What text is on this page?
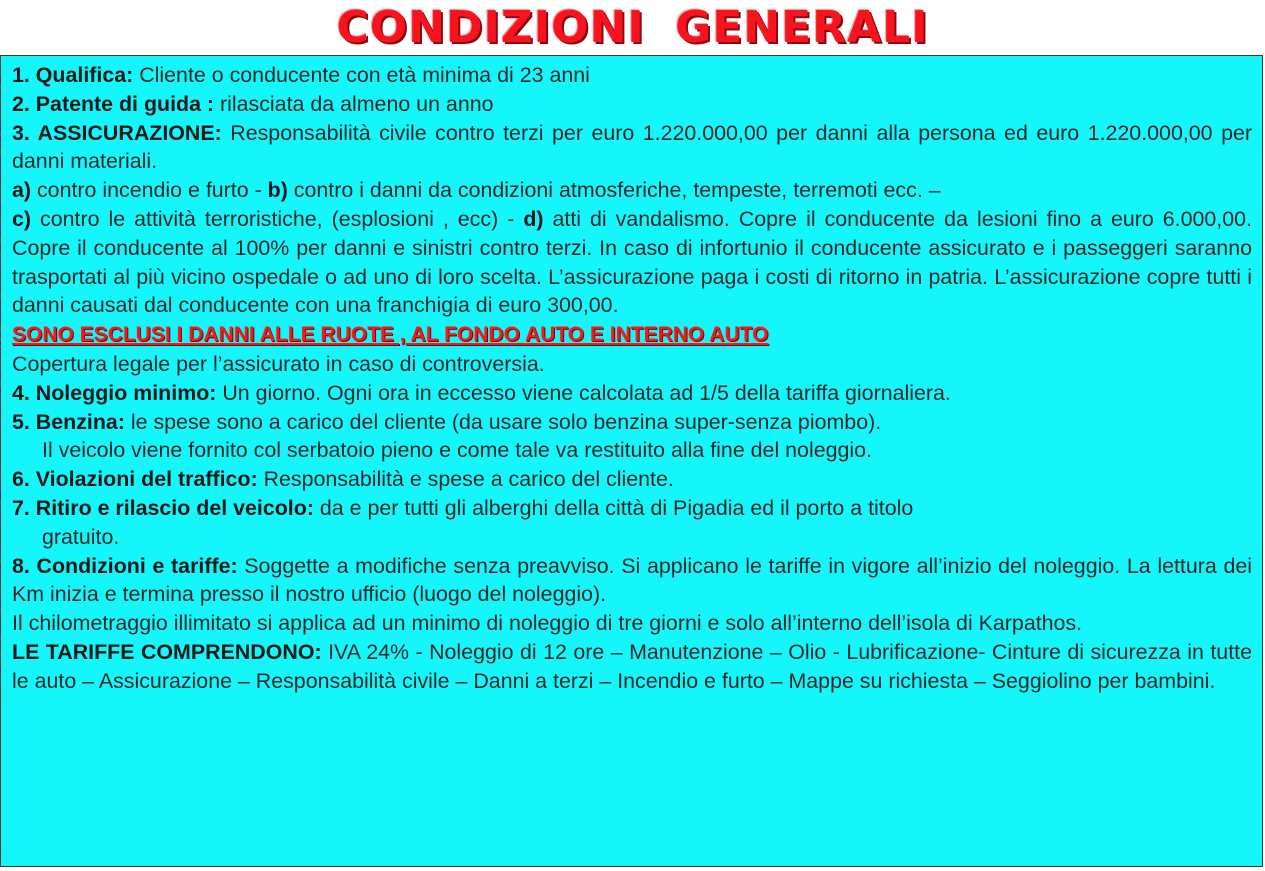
CONDIZIONI GENERALI

1. Qualifica: Cliente o conducente con età minima di 23 anni

2. Patente di guida : rilasciata da almeno un anno

3. ASSICURAZIONE: Responsabilità civile contro terzi per euro 1.220.000,00 per danni alla persona ed euro 1.220.000,00 per danni materiali.

a) contro incendio e furto - b) contro i danni da condizioni atmosferiche, tempeste, terremoti ecc. –

c) contro le attività terroristiche, (esplosioni , ecc) - d) atti di vandalismo. Copre il conducente da lesioni fino a euro 6.000,00. Copre il conducente al 100% per danni e sinistri contro terzi. In caso di infortunio il conducente assicurato e i passeggeri saranno trasportati al più vicino ospedale o ad uno di loro scelta. L’assicurazione paga i costi di ritorno in patria. L’assicurazione copre tutti i danni causati dal conducente con una franchigia di euro 300,00.

SONO ESCLUSI I DANNI ALLE RUOTE , AL FONDO AUTO E INTERNO AUTO

Copertura legale per l’assicurato in caso di controversia.

4. Noleggio minimo: Un giorno. Ogni ora in eccesso viene calcolata ad 1/5 della tariffa giornaliera.

5. Benzina: le spese sono a carico del cliente (da usare solo benzina super-senza piombo).

Il veicolo viene fornito col serbatoio pieno e come tale va restituito alla fine del noleggio.

6. Violazioni del traffico: Responsabilità e spese a carico del cliente.

7. Ritiro e rilascio del veicolo: da e per tutti gli alberghi della città di Pigadia ed il porto a titolo

gratuito.

8. Condizioni e tariffe: Soggette a modifiche senza preavviso. Si applicano le tariffe in vigore all’inizio del noleggio. La lettura dei Km inizia e termina presso il nostro ufficio (luogo del noleggio).

Il chilometraggio illimitato si applica ad un minimo di noleggio di tre giorni e solo all’interno dell’isola di Karpathos.

LE TARIFFE COMPRENDONO: IVA 24% - Noleggio di 12 ore – Manutenzione – Olio - Lubrificazione- Cinture di sicurezza in tutte le auto – Assicurazione – Responsabilità civile – Danni a terzi – Incendio e furto – Mappe su richiesta – Seggiolino per bambini.
